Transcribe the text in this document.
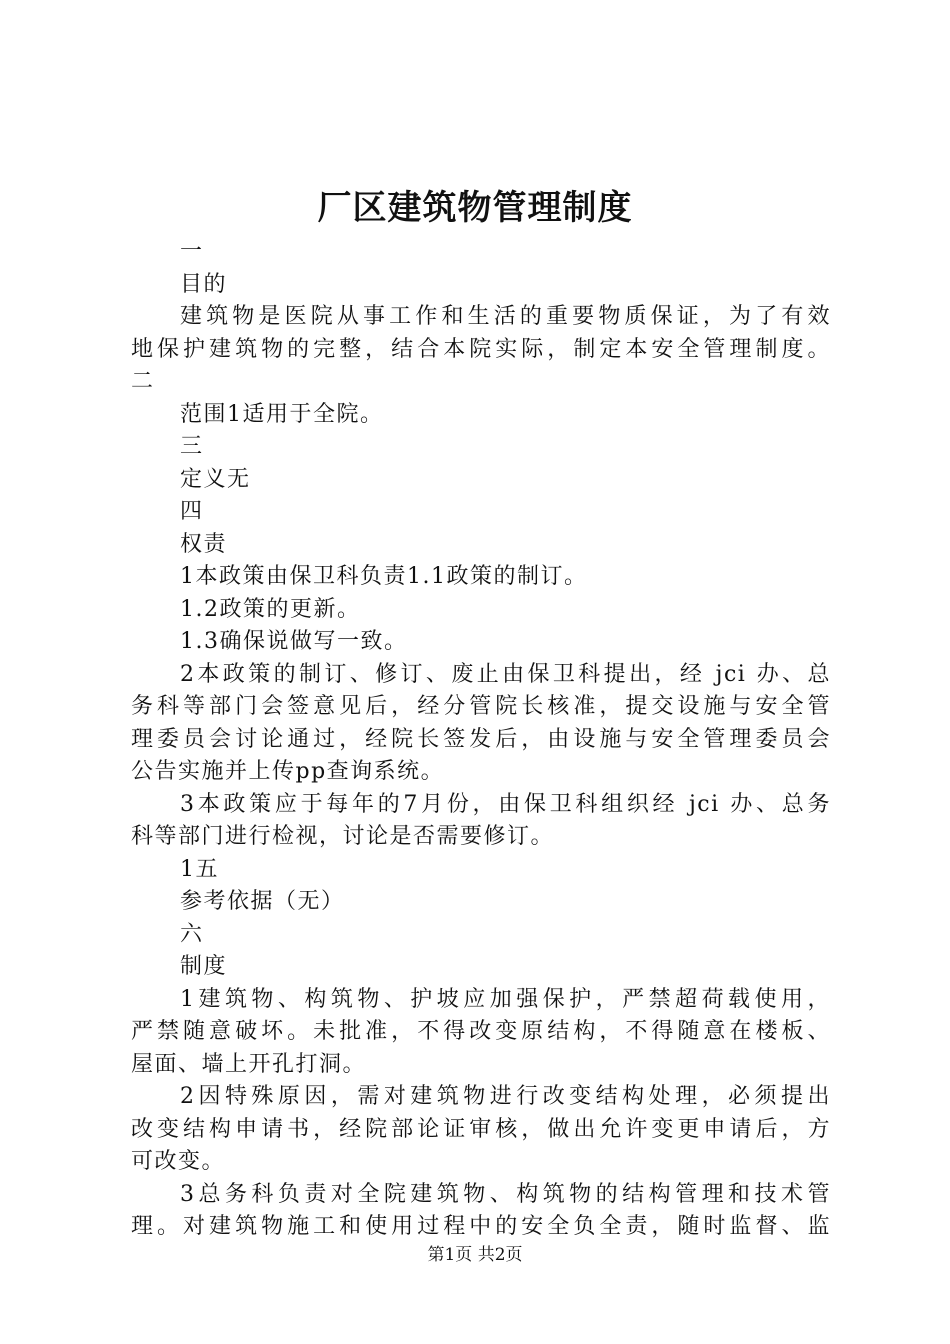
厂区建筑物管理制度
一
目的
建筑物是医院从事工作和生活的重要物质保证，为了有效
地保护建筑物的完整，结合本院实际，制定本安全管理制度。
二
范围1适用于全院。
三
定义无
四
权责
1本政策由保卫科负责1.1政策的制订。
1.2政策的更新。
1.3确保说做写一致。
2本政策的制订、修订、废止由保卫科提出，经 jci 办、总
务科等部门会签意见后，经分管院长核准，提交设施与安全管
理委员会讨论通过，经院长签发后，由设施与安全管理委员会
公告实施并上传pp查询系统。
3本政策应于每年的7月份，由保卫科组织经 jci 办、总务
科等部门进行检视，讨论是否需要修订。
1五
参考依据（无）
六
制度
1建筑物、构筑物、护坡应加强保护，严禁超荷载使用，
严禁随意破坏。未批准，不得改变原结构，不得随意在楼板、
屋面、墙上开孔打洞。
2因特殊原因，需对建筑物进行改变结构处理，必须提出
改变结构申请书，经院部论证审核，做出允许变更申请后，方
可改变。
3总务科负责对全院建筑物、构筑物的结构管理和技术管
理。对建筑物施工和使用过程中的安全负全责，随时监督、监
第1页 共2页
